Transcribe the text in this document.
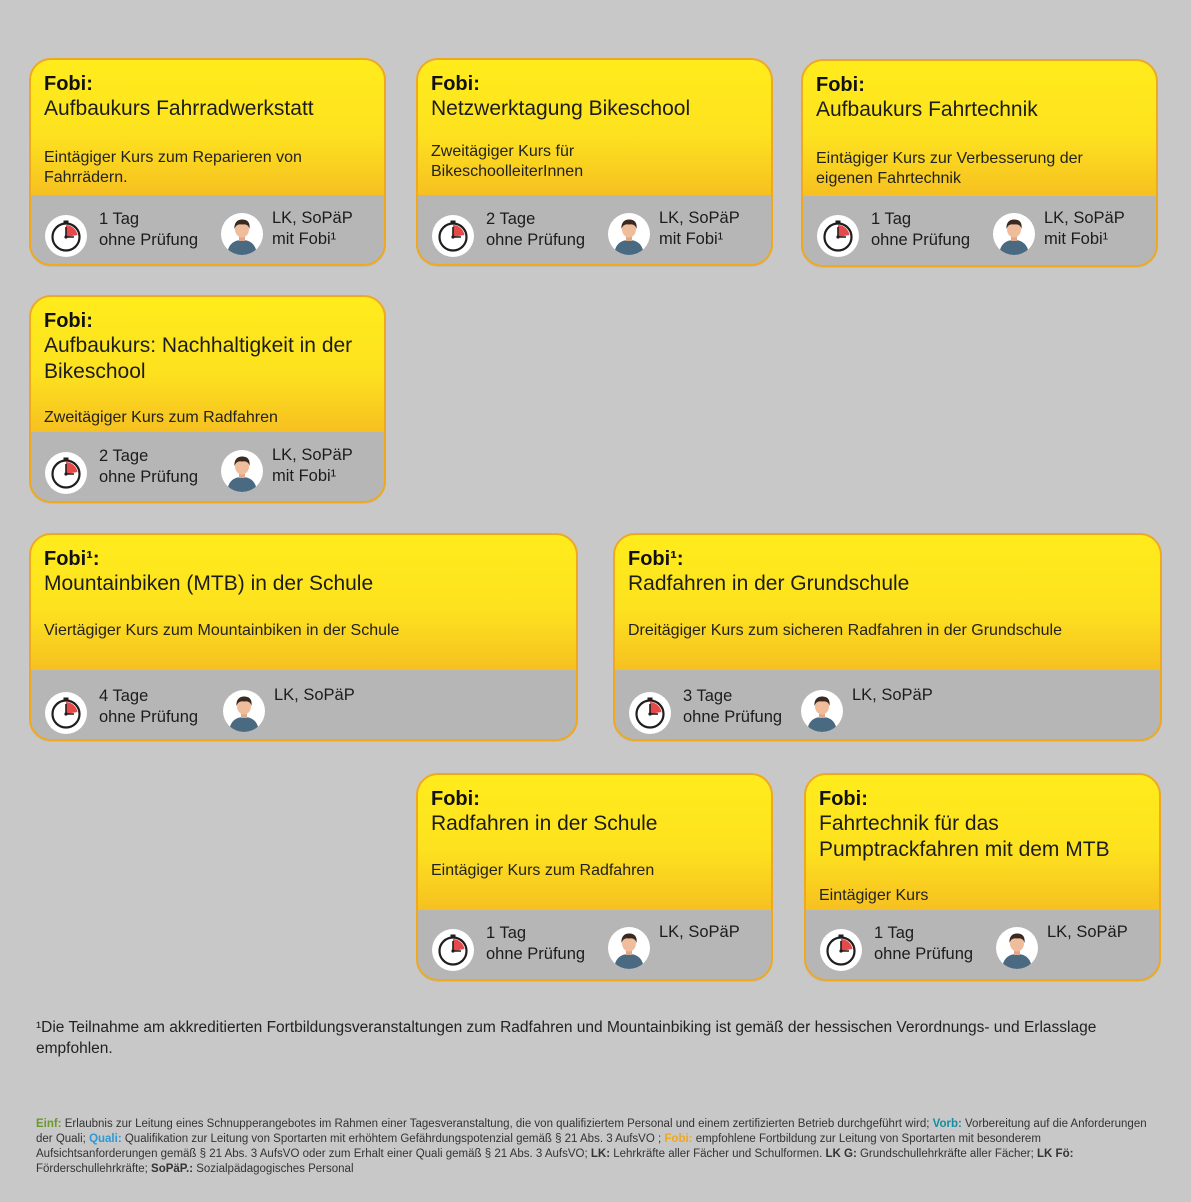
Fobi:
Aufbaukurs Fahrradwerkstatt
Eintägiger Kurs zum Reparieren von Fahrrädern.
1 Tag
ohne Prüfung
LK, SoPäP
mit Fobi¹
Fobi:
Netzwerktagung Bikeschool
Zweitägiger Kurs für BikeschoolleiterInnen
2 Tage
ohne Prüfung
LK, SoPäP
mit Fobi¹
Fobi:
Aufbaukurs Fahrtechnik
Eintägiger Kurs zur Verbesserung der eigenen Fahrtechnik
1 Tag
ohne Prüfung
LK, SoPäP
mit Fobi¹
Fobi:
Aufbaukurs: Nachhaltigkeit in der Bikeschool
Zweitägiger Kurs zum Radfahren
2 Tage
ohne Prüfung
LK, SoPäP
mit Fobi¹
Fobi¹:
Mountainbiken (MTB) in der Schule
Viertägiger Kurs zum Mountainbiken in der Schule
4 Tage
ohne Prüfung
LK, SoPäP
Fobi¹:
Radfahren in der Grundschule
Dreitägiger Kurs zum sicheren Radfahren in der Grundschule
3 Tage
ohne Prüfung
LK, SoPäP
Fobi:
Radfahren in der Schule
Eintägiger Kurs zum Radfahren
1 Tag
ohne Prüfung
LK, SoPäP
Fobi:
Fahrtechnik für das Pumptrackfahren mit dem MTB
Eintägiger Kurs
1 Tag
ohne Prüfung
LK, SoPäP
¹Die Teilnahme am akkreditierten Fortbildungsveranstaltungen zum Radfahren und Mountainbiking ist gemäß der hessischen Verordnungs- und Erlasslage empfohlen.
Einf: Erlaubnis zur Leitung eines Schnupperangebotes im Rahmen einer Tagesveranstaltung, die von qualifiziertem Personal und einem zertifizierten Betrieb durchgeführt wird; Vorb: Vorbereitung auf die Anforderungen der Quali; Quali: Qualifikation zur Leitung von Sportarten mit erhöhtem Gefährdungspotenzial gemäß § 21 Abs. 3 AufsVO ; Fobi: empfohlene Fortbildung zur Leitung von Sportarten mit besonderem Aufsichtsanforderungen gemäß § 21 Abs. 3 AufsVO oder zum Erhalt einer Quali gemäß § 21 Abs. 3 AufsVO; LK: Lehrkräfte aller Fächer und Schulformen. LK G: Grundschullehrkräfte aller Fächer; LK Fö: Förderschullehrkräfte; SoPäP.: Sozialpädagogisches Personal
